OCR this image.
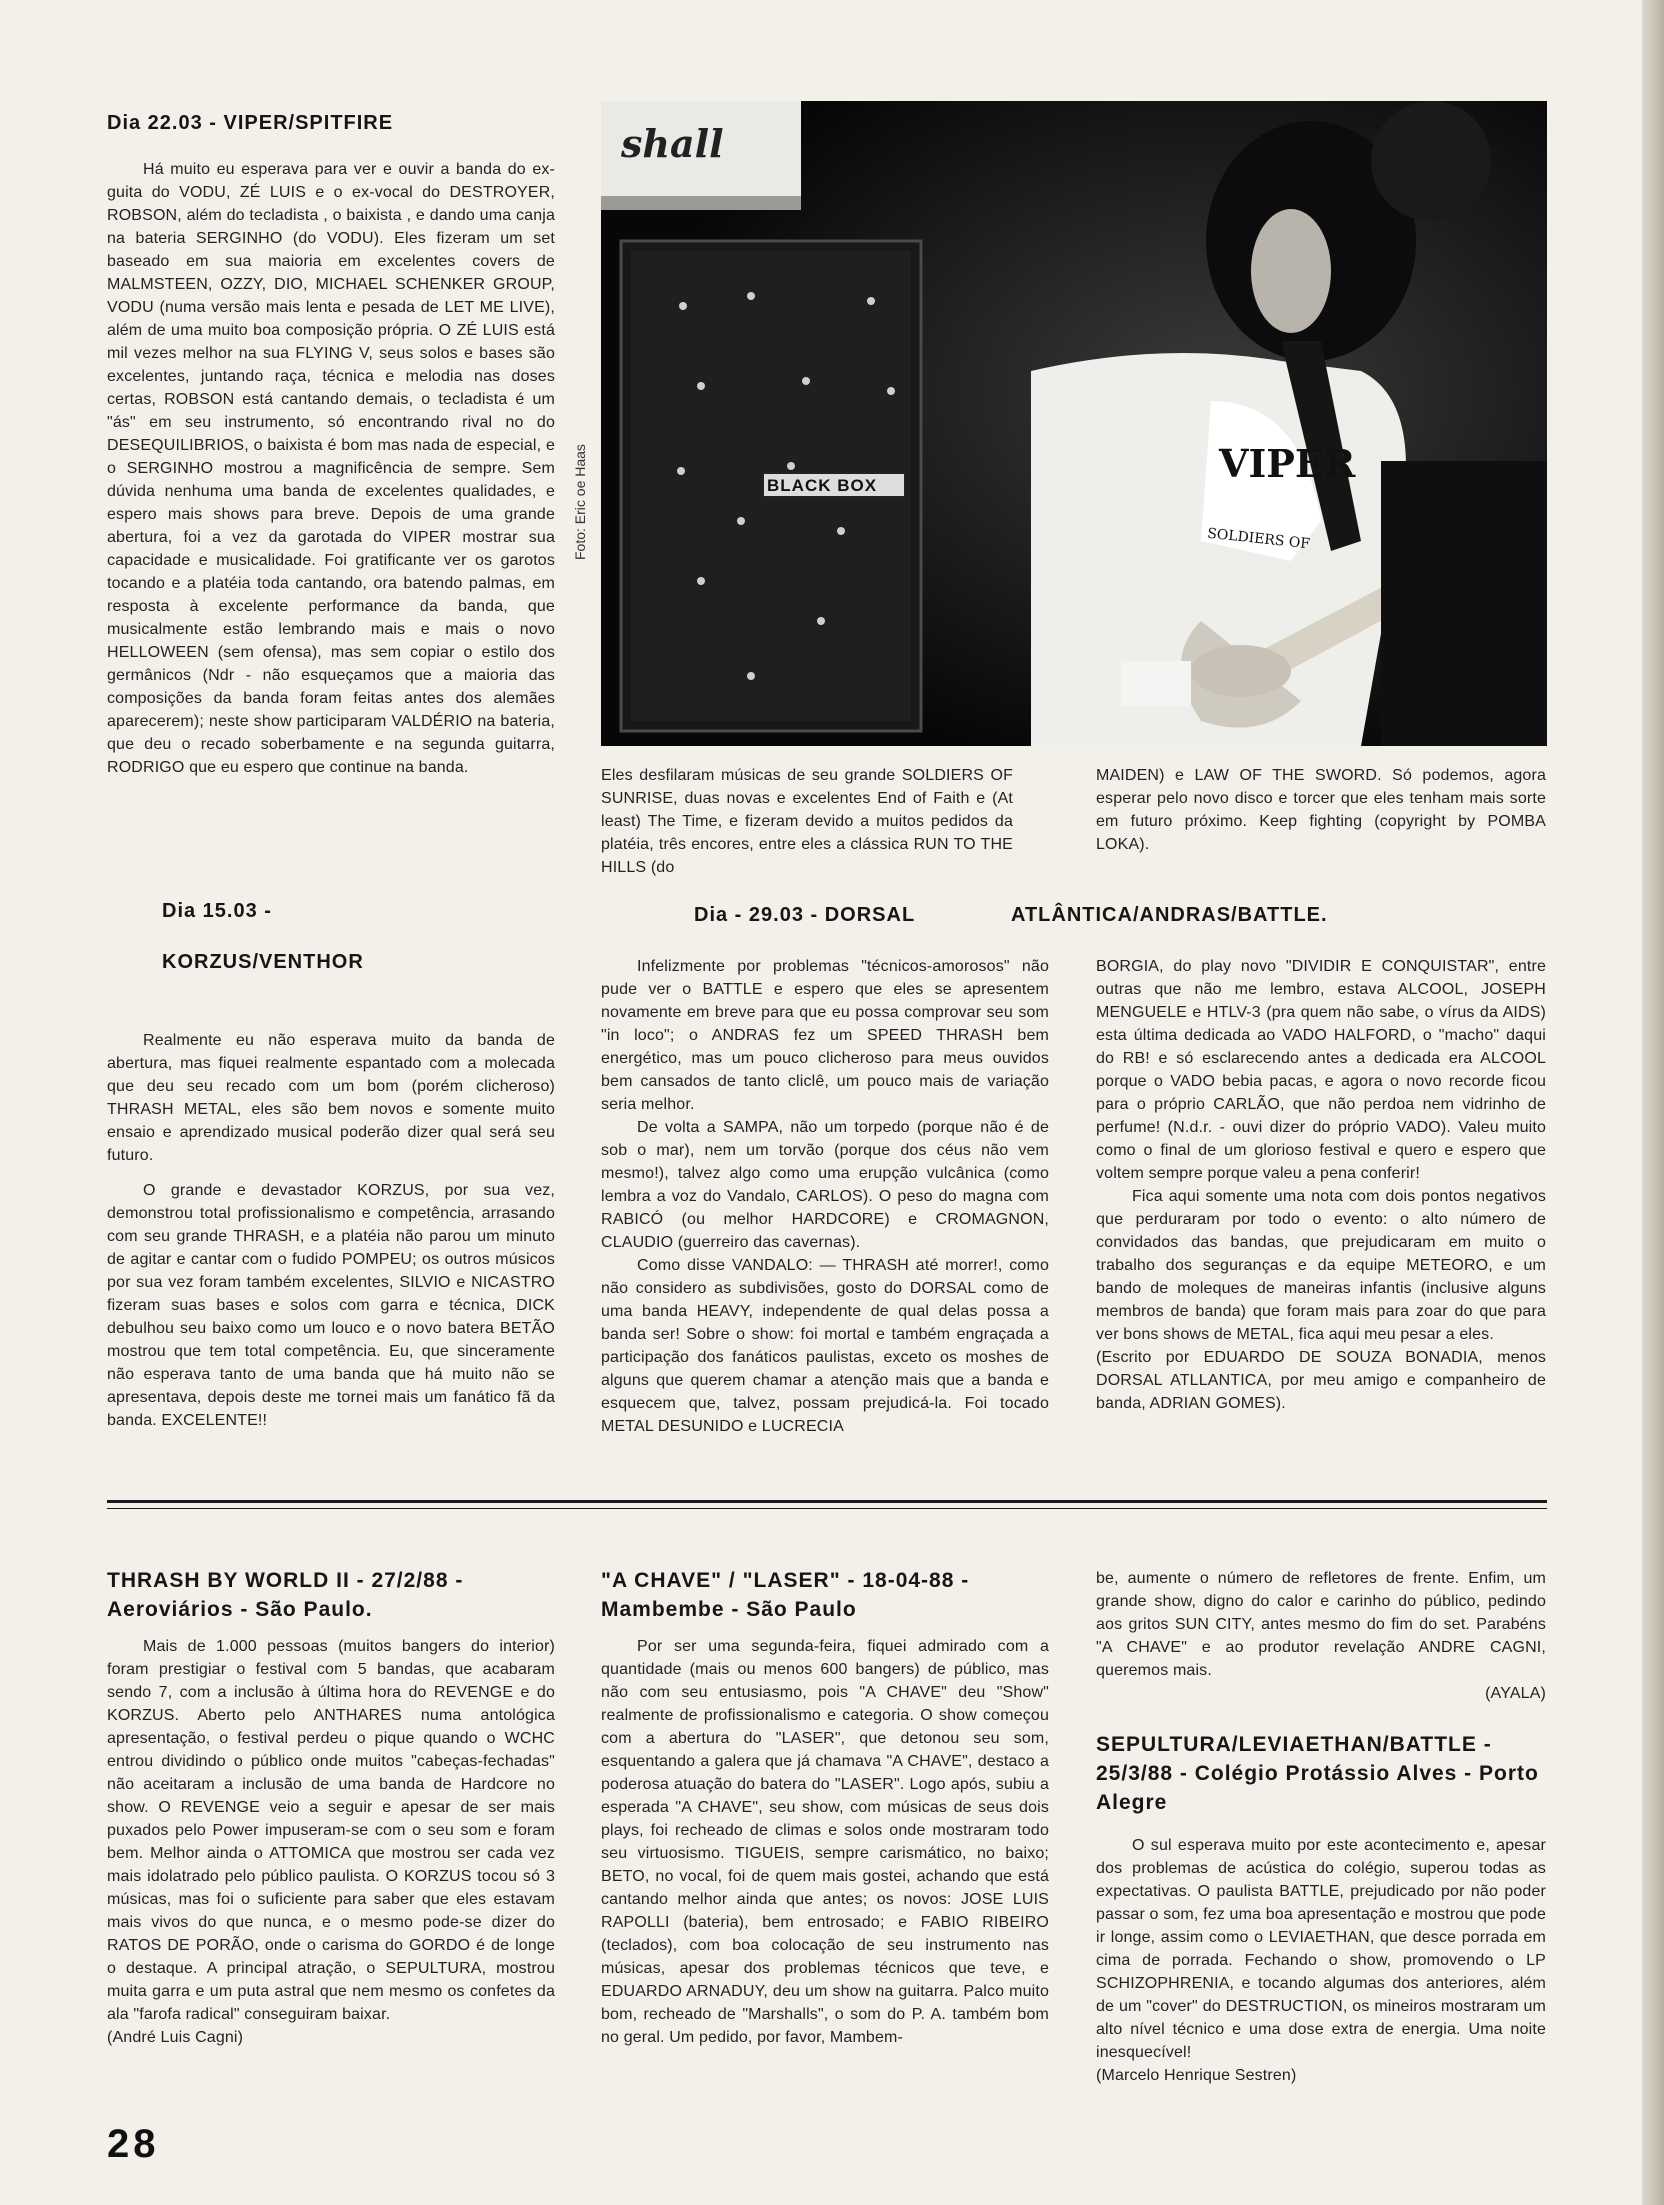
Dia 22.03 - VIPER/SPITFIRE

Há muito eu esperava para ver e ouvir a banda do ex-guita do VODU, ZÉ LUIS e o ex-vocal do DESTROYER, ROBSON, além do tecladista , o baixista , e dando uma canja na bateria SERGINHO (do VODU). Eles fizeram um set baseado em sua maioria em excelentes covers de MALMSTEEN, OZZY, DIO, MICHAEL SCHENKER GROUP, VODU (numa versão mais lenta e pesada de LET ME LIVE), além de uma muito boa composição própria. O ZÉ LUIS está mil vezes melhor na sua FLYING V, seus solos e bases são excelentes, juntando raça, técnica e melodia nas doses certas, ROBSON está cantando demais, o tecladista é um "ás" em seu instrumento, só encontrando rival no do DESEQUILIBRIOS, o baixista é bom mas nada de especial, e o SERGINHO mostrou a magnificência de sempre. Sem dúvida nenhuma uma banda de excelentes qualidades, e espero mais shows para breve. Depois de uma grande abertura, foi a vez da garotada do VIPER mostrar sua capacidade e musicalidade. Foi gratificante ver os garotos tocando e a platéia toda cantando, ora batendo palmas, em resposta à excelente performance da banda, que musicalmente estão lembrando mais e mais o novo HELLOWEEN (sem ofensa), mas sem copiar o estilo dos germânicos (Ndr - não esqueçamos que a maioria das composições da banda foram feitas antes dos alemães aparecerem); neste show participaram VALDÉRIO na bateria, que deu o recado soberbamente e na segunda guitarra, RODRIGO que eu espero que continue na banda.

shall
BLACK BOX	VIPER
SOLDIERS OF
Foto: Eric oe Haas

Eles desfilaram músicas de seu grande SOLDIERS OF SUNRISE, duas novas e excelentes End of Faith e (At least) The Time, e fizeram devido a muitos pedidos da platéia, três encores, entre eles a clássica RUN TO THE HILLS (do

MAIDEN) e LAW OF THE SWORD. Só podemos, agora esperar pelo novo disco e torcer que eles tenham mais sorte em futuro próximo. Keep fighting (copyright by POMBA LOKA).

Dia 15.03 -
KORZUS/VENTHOR

Realmente eu não esperava muito da banda de abertura, mas fiquei realmente espantado com a molecada que deu seu recado com um bom (porém clicheroso) THRASH METAL, eles são bem novos e somente muito ensaio e aprendizado musical poderão dizer qual será seu futuro.

O grande e devastador KORZUS, por sua vez, demonstrou total profissionalismo e competência, arrasando com seu grande THRASH, e a platéia não parou um minuto de agitar e cantar com o fudido POMPEU; os outros músicos por sua vez foram também excelentes, SILVIO e NICASTRO fizeram suas bases e solos com garra e técnica, DICK debulhou seu baixo como um louco e o novo batera BETÃO mostrou que tem total competência. Eu, que sinceramente não esperava tanto de uma banda que há muito não se apresentava, depois deste me tornei mais um fanático fã da banda. EXCELENTE!!

Dia - 29.03 - DORSAL	ATLÂNTICA/ANDRAS/BATTLE.

Infelizmente por problemas "técnicos-amorosos" não pude ver o BATTLE e espero que eles se apresentem novamente em breve para que eu possa comprovar seu som "in loco"; o ANDRAS fez um SPEED THRASH bem energético, mas um pouco clicheroso para meus ouvidos bem cansados de tanto cliclê, um pouco mais de variação seria melhor.

De volta a SAMPA, não um torpedo (porque não é de sob o mar), nem um torvão (porque dos céus não vem mesmo!), talvez algo como uma erupção vulcânica (como lembra a voz do Vandalo, CARLOS). O peso do magna com RABICÓ (ou melhor HARDCORE) e CROMAGNON, CLAUDIO (guerreiro das cavernas).

Como disse VANDALO: — THRASH até morrer!, como não considero as subdivisões, gosto do DORSAL como de uma banda HEAVY, independente de qual delas possa a banda ser! Sobre o show: foi mortal e também engraçada a participação dos fanáticos paulistas, exceto os moshes de alguns que querem chamar a atenção mais que a banda e esquecem que, talvez, possam prejudicá-la. Foi tocado METAL DESUNIDO e LUCRECIA

BORGIA, do play novo "DIVIDIR E CONQUISTAR", entre outras que não me lembro, estava ALCOOL, JOSEPH MENGUELE e HTLV-3 (pra quem não sabe, o vírus da AIDS) esta última dedicada ao VADO HALFORD, o "macho" daqui do RB! e só esclarecendo antes a dedicada era ALCOOL porque o VADO bebia pacas, e agora o novo recorde ficou para o próprio CARLÃO, que não perdoa nem vidrinho de perfume! (N.d.r. - ouvi dizer do próprio VADO). Valeu muito como o final de um glorioso festival e quero e espero que voltem sempre porque valeu a pena conferir!

Fica aqui somente uma nota com dois pontos negativos que perduraram por todo o evento: o alto número de convidados das bandas, que prejudicaram em muito o trabalho dos seguranças e da equipe METEORO, e um bando de moleques de maneiras infantis (inclusive alguns membros de banda) que foram mais para zoar do que para ver bons shows de METAL, fica aqui meu pesar a eles.

(Escrito por EDUARDO DE SOUZA BONADIA, menos DORSAL ATLLANTICA, por meu amigo e companheiro de banda, ADRIAN GOMES).

THRASH BY WORLD II - 27/2/88 - Aeroviários - São Paulo.

Mais de 1.000 pessoas (muitos bangers do interior) foram prestigiar o festival com 5 bandas, que acabaram sendo 7, com a inclusão à última hora do REVENGE e do KORZUS. Aberto pelo ANTHARES numa antológica apresentação, o festival perdeu o pique quando o WCHC entrou dividindo o público onde muitos "cabeças-fechadas" não aceitaram a inclusão de uma banda de Hardcore no show. O REVENGE veio a seguir e apesar de ser mais puxados pelo Power impuseram-se com o seu som e foram bem. Melhor ainda o ATTOMICA que mostrou ser cada vez mais idolatrado pelo público paulista. O KORZUS tocou só 3 músicas, mas foi o suficiente para saber que eles estavam mais vivos do que nunca, e o mesmo pode-se dizer do RATOS DE PORÃO, onde o carisma do GORDO é de longe o destaque. A principal atração, o SEPULTURA, mostrou muita garra e um puta astral que nem mesmo os confetes da ala "farofa radical" conseguiram baixar.

(André Luis Cagni)

"A CHAVE" / "LASER" - 18-04-88 - Mambembe - São Paulo

Por ser uma segunda-feira, fiquei admirado com a quantidade (mais ou menos 600 bangers) de público, mas não com seu entusiasmo, pois "A CHAVE" deu "Show" realmente de profissionalismo e categoria. O show começou com a abertura do "LASER", que detonou seu som, esquentando a galera que já chamava "A CHAVE", destaco a poderosa atuação do batera do "LASER". Logo após, subiu a esperada "A CHAVE", seu show, com músicas de seus dois plays, foi recheado de climas e solos onde mostraram todo seu virtuosismo. TIGUEIS, sempre carismático, no baixo; BETO, no vocal, foi de quem mais gostei, achando que está cantando melhor ainda que antes; os novos: JOSE LUIS RAPOLLI (bateria), bem entrosado; e FABIO RIBEIRO (teclados), com boa colocação de seu instrumento nas músicas, apesar dos problemas técnicos que teve, e EDUARDO ARNADUY, deu um show na guitarra. Palco muito bom, recheado de "Marshalls", o som do P. A. também bom no geral. Um pedido, por favor, Mambem-

be, aumente o número de refletores de frente. Enfim, um grande show, digno do calor e carinho do público, pedindo aos gritos SUN CITY, antes mesmo do fim do set. Parabéns "A CHAVE" e ao produtor revelação ANDRE CAGNI, queremos mais.

(AYALA)

SEPULTURA/LEVIAETHAN/BATTLE - 25/3/88 - Colégio Protássio Alves - Porto Alegre

O sul esperava muito por este acontecimento e, apesar dos problemas de acústica do colégio, superou todas as expectativas. O paulista BATTLE, prejudicado por não poder passar o som, fez uma boa apresentação e mostrou que pode ir longe, assim como o LEVIAETHAN, que desce porrada em cima de porrada. Fechando o show, promovendo o LP SCHIZOPHRENIA, e tocando algumas dos anteriores, além de um "cover" do DESTRUCTION, os mineiros mostraram um alto nível técnico e uma dose extra de energia. Uma noite inesquecível!

(Marcelo Henrique Sestren)

28
